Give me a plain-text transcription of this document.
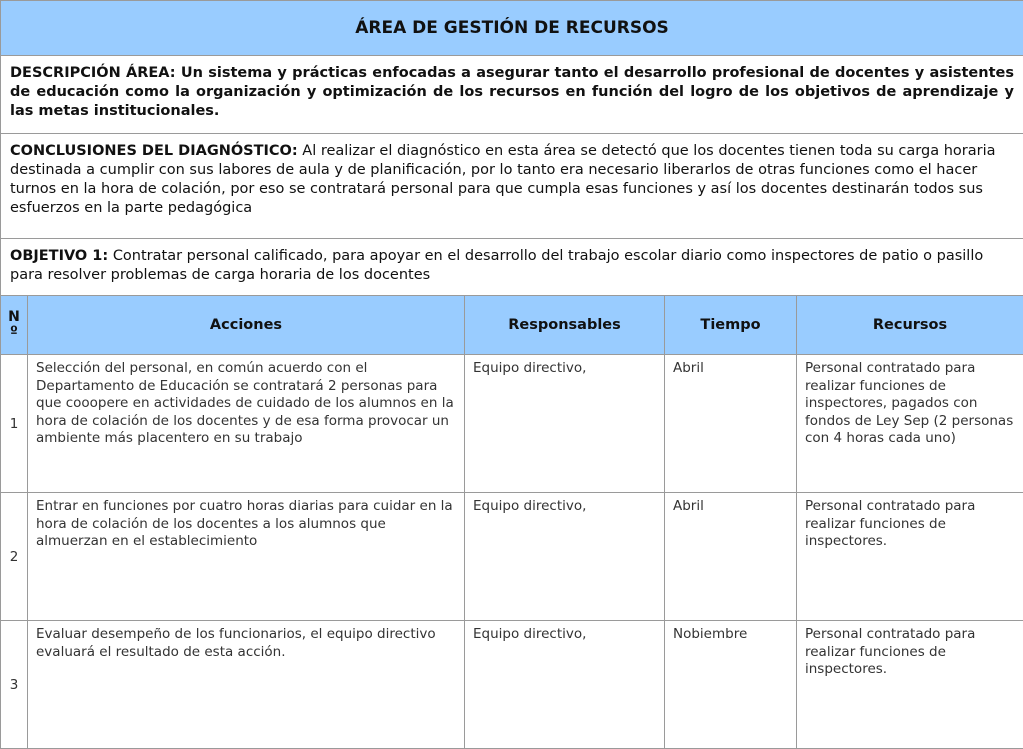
ÁREA DE GESTIÓN DE RECURSOS				
DESCRIPCIÓN ÁREA: Un sistema y prácticas enfocadas a asegurar tanto el desarrollo profesional de docentes y asistentes de educación como la organización y optimización de los recursos en función del logro de los objetivos de aprendizaje y las metas institucionales.				
CONCLUSIONES DEL DIAGNÓSTICO: Al realizar el diagnóstico en esta área se detectó que los docentes tienen toda su carga horaria destinada a cumplir con sus labores de aula y de planificación, por lo tanto era necesario liberarlos de otras funciones como el hacer turnos en la hora de colación, por eso se contratará personal para que cumpla esas funciones y así los docentes destinarán todos sus esfuerzos en la parte pedagógica				
OBJETIVO 1: Contratar personal calificado, para apoyar en el desarrollo del trabajo escolar diario como inspectores de patio o pasillo para resolver problemas de carga horaria de los docentes				

N
º	Acciones	Responsables	Tiempo	Recursos
1	Selección del personal, en común acuerdo con el Departamento de Educación se contratará 2 personas para que cooopere en actividades de cuidado de los alumnos en la hora de colación de los docentes y de esa forma provocar un ambiente más placentero en su trabajo	Equipo directivo,	Abril	Personal contratado para realizar funciones de inspectores, pagados con fondos de Ley Sep (2 personas con 4 horas cada uno)
2	Entrar en funciones por cuatro horas diarias para cuidar en la hora de colación de los docentes a los alumnos que almuerzan en el establecimiento	Equipo directivo,	Abril	Personal contratado para realizar funciones de inspectores.
3	Evaluar desempeño de los funcionarios, el equipo directivo evaluará el resultado de esta acción.	Equipo directivo,	Nobiembre	Personal contratado para realizar funciones de inspectores.
